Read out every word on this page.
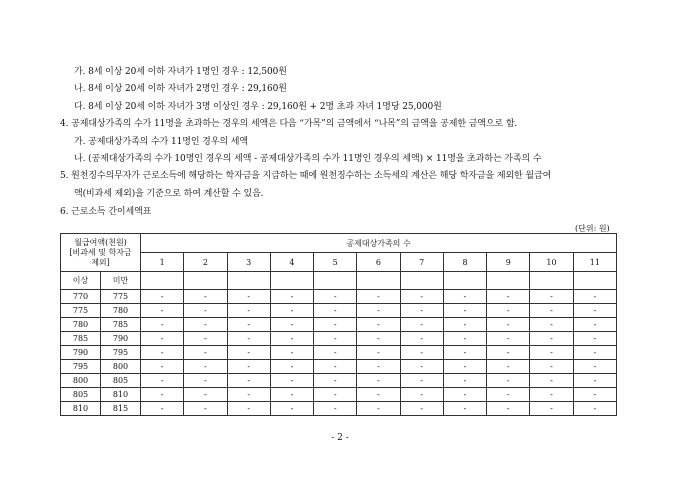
가. 8세 이상 20세 이하 자녀가 1명인 경우 : 12,500원
나. 8세 이상 20세 이하 자녀가 2명인 경우 : 29,160원
다. 8세 이상 20세 이하 자녀가 3명 이상인 경우 : 29,160원 + 2명 초과 자녀 1명당 25,000원
4. 공제대상가족의 수가 11명을 초과하는 경우의 세액은 다음 “가목”의 금액에서 “나목”의 금액을 공제한 금액으로 함.
가. 공제대상가족의 수가 11명인 경우의 세액
나. (공제대상가족의 수가 10명인 경우의 세액 - 공제대상가족의 수가 11명인 경우의 세액) × 11명을 초과하는 가족의 수
5. 원천징수의무자가 근로소득에 해당하는 학자금을 지급하는 때에 원천징수하는 소득세의 계산은 해당 학자금을 제외한 월급여
액(비과세 제외)을 기준으로 하여 계산할 수 있음.
6. 근로소득 간이세액표
(단위: 원)
월급여액(천원)
[비과세 및 학자금
제외]		공제대상가족의 수										
		1	2	3	4	5	6	7	8	9	10	11
이상	미만											
770	775	-	-	-	-	-	-	-	-	-	-	-
775	780	-	-	-	-	-	-	-	-	-	-	-
780	785	-	-	-	-	-	-	-	-	-	-	-
785	790	-	-	-	-	-	-	-	-	-	-	-
790	795	-	-	-	-	-	-	-	-	-	-	-
795	800	-	-	-	-	-	-	-	-	-	-	-
800	805	-	-	-	-	-	-	-	-	-	-	-
805	810	-	-	-	-	-	-	-	-	-	-	-
810	815	-	-	-	-	-	-	-	-	-	-	-
- 2 -
